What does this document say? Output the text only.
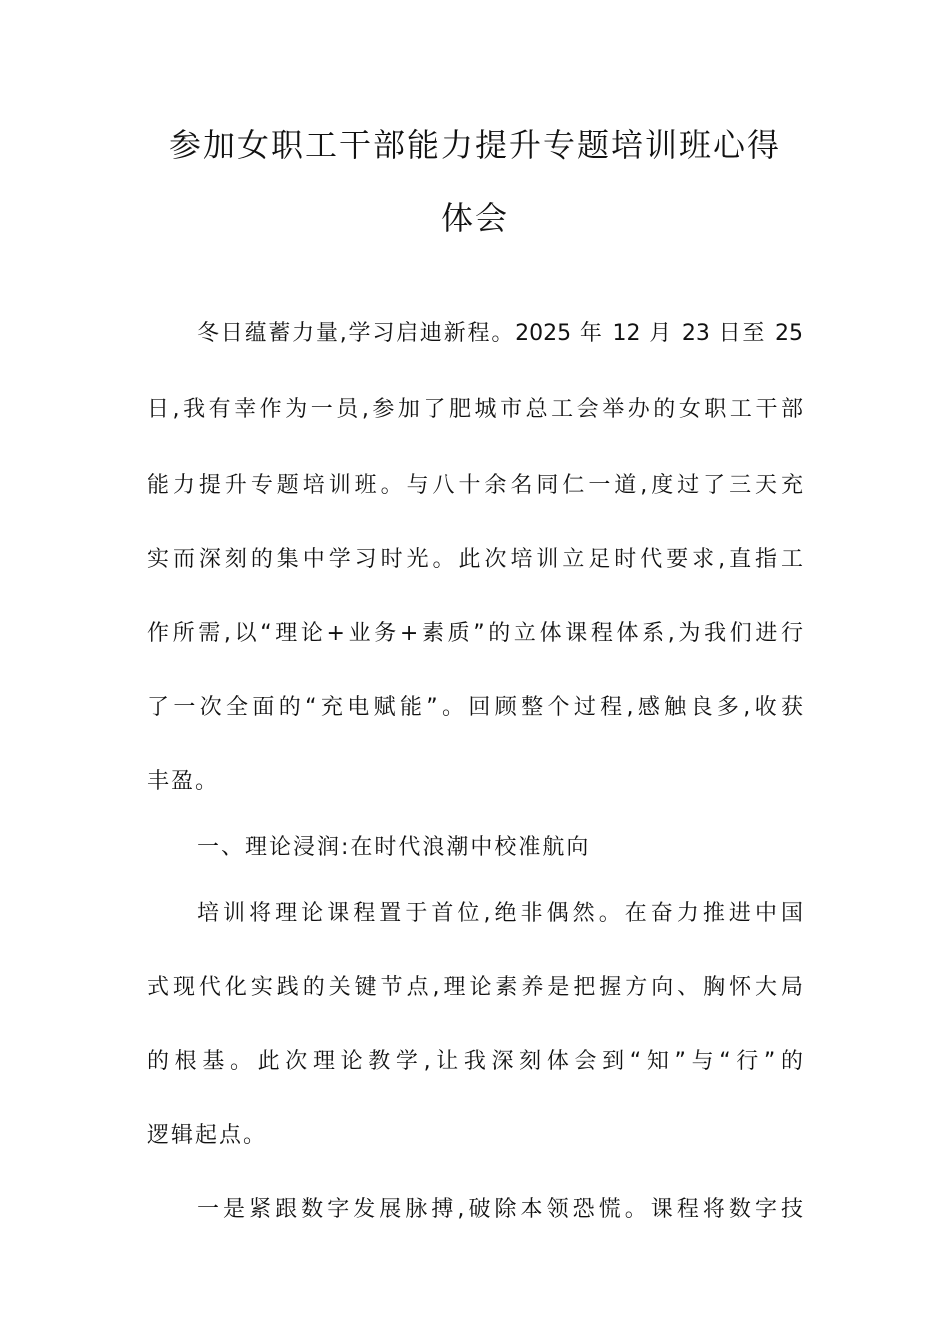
参加女职工干部能力提升专题培训班心得
体会
冬日蕴蓄力量,学习启迪新程。2025 年 12 月 23 日至 25
日,我有幸作为一员,参加了肥城市总工会举办的女职工干部
能力提升专题培训班。与八十余名同仁一道,度过了三天充
实而深刻的集中学习时光。此次培训立足时代要求,直指工
作所需,以“理论+业务+素质”的立体课程体系,为我们进行
了一次全面的“充电赋能”。回顾整个过程,感触良多,收获
丰盈。
一、理论浸润:在时代浪潮中校准航向
培训将理论课程置于首位,绝非偶然。在奋力推进中国
式现代化实践的关键节点,理论素养是把握方向、胸怀大局
的根基。此次理论教学,让我深刻体会到“知”与“行”的
逻辑起点。
一是紧跟数字发展脉搏,破除本领恐慌。课程将数字技
